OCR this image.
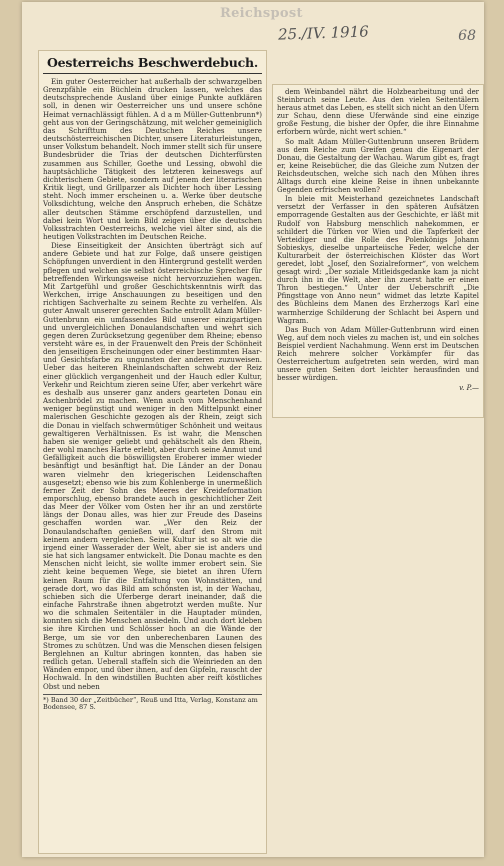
Reichspost
25./IV. 1916	68
Oesterreichs Beschwerdebuch.

Ein guter Oesterreicher hat außerhalb der schwarzgelben Grenzpfähle ein Büchlein drucken lassen, welches das deutschsprechende Ausland über einige Punkte aufklären soll, in denen wir Oesterreicher uns und unsere schöne Heimat vernachlässigt fühlen. A d a m Müller-Guttenbrunn*) geht aus von der Geringschätzung, mit welcher gemeiniglich das Schrifttum des Deutschen Reiches unsere deutschösterreichischen Dichter, unsere Literaturleistungen, unser Volkstum behandelt. Noch immer stellt sich für unsere Bundesbrüder die Trias der deutschen Dichterfürsten zusammen aus Schiller, Goethe und Lessing, obwohl die hauptsächliche Tätigkeit des letzteren keineswegs auf dichterischem Gebiete, sondern auf jenem der literarischen Kritik liegt, und Grillparzer als Dichter hoch über Lessing steht. Noch immer erscheinen u. a. Werke über deutsche Volksdichtung, welche den Anspruch erheben, die Schätze aller deutschen Stämme erschöpfend darzustellen, und dabei kein Wort und kein Bild zeigen über die deutschen Volksstrachten Oesterreichs, welche viel älter sind, als die heutigen Volkstrachten im Deutschen Reiche.

Diese Einseitigkeit der Ansichten überträgt sich auf andere Gebiete und hat zur Folge, daß unsere geistigen Schöpfungen unverdient in den Hintergrund gestellt werden pflegen und welchen sie selbst österreichische Sprecher für betreffenden Wirkungsweise nicht hervorzuziehen wagen. Mit Zartgefühl und großer Geschichtskenntnis wirft das Werkchen, irrige Anschauungen zu beseitigen und den richtigen Sachverhalte zu seinem Rechte zu verhelfen. Als guter Anwalt unserer gerechten Sache entrollt Adam Müller-Guttenbrunn ein umfassendes Bild unserer einzigartigen und unvergleichlichen Donaulandschaften und wehrt sich gegen deren Zurücksetzung gegenüber dem Rheine; ebenso versteht wäre es, in der Frauenwelt den Preis der Schönheit den jenseitigen Erscheinungen oder einer bestimmten Haar- und Gesichtsfarbe zu ungunsten der anderen zuzuweisen. Ueber das heiteren Rheinlandschaften schwebt der Reiz einer glücklich vergangenheit und der Hauch edler Kultur, Verkehr und Reichtum zieren seine Ufer, aber verkehrt wäre es deshalb aus unserer ganz anders gearteten Donau ein Aschenbrödel zu machen. Wenn auch vom Menschenhand weniger begünstigt und weniger in den Mittelpunkt einer malerischen Geschichte gezogen als der Rhein, zeigt sich die Donau in vielfach schwermütiger Schönheit und weitaus gewaltigeren Verhältnissen. Es ist wahr, die Menschen haben sie weniger geliebt und gehätschelt als den Rhein, der wohl manches Harte erlebt, aber durch seine Anmut und Gefälligkeit auch die böswilligsten Eroberer immer wieder besänftigt und besänftigt hat. Die Länder an der Donau waren vielmehr den kriegerischen Leidenschaften ausgesetzt; ebenso wie bis zum Kohlenberge in unermeßlich ferner Zeit der Sohn des Meeres der Kreideformation emporschlug, ebenso brandete auch in geschichtlicher Zeit das Meer der Völker vom Osten her ihr an und zerstörte längs der Donau alles, was hier zur Freude des Daseins geschaffen worden war. „Wer den Reiz der Donaulandschaften genießen will, darf den Strom mit keinem andern vergleichen. Seine Kultur ist so alt wie die irgend einer Wasserader der Welt, aber sie ist anders und sie hat sich langsamer entwickelt. Die Donau machte es den Menschen nicht leicht, sie wollte immer erobert sein. Sie zieht keine bequemen Wege, sie bietet an ihren Ufern keinen Raum für die Entfaltung von Wohnstätten, und gerade dort, wo das Bild am schönsten ist, in der Wachau, schieben sich die Uferberge derart ineinander, daß die einfache Fahrstraße ihnen abgetrotzt werden mußte. Nur wo die schmalen Seitentäler in die Hauptader münden, konnten sich die Menschen ansiedeln. Und auch dort kleben sie ihre Kirchen und Schlösser hoch an die Wände der Berge, um sie vor den unberechenbaren Launen des Stromes zu schützen. Und was die Menschen diesen felsigen Berglehnen an Kultur abringen konnten, das haben sie redlich getan. Ueberall staffeln sich die Weinrieden an den Wänden empor, und über ihnen, auf den Gipfeln, rauscht der Hochwald. In den windstillen Buchten aber reift köstliches Obst und neben

*) Band 30 der „Zeitbücher“, Reuß und Itta, Verlag, Konstanz am Bodensee, 87 S.

dem Weinbandel nährt die Holzbearbeitung und der Steinbruch seine Leute. Aus den vielen Seitentälern heraus atmet das Leben, es stellt sich nicht an den Ufern zur Schau, denn diese Uferwände sind eine einzige große Festung, die bisher der Opfer, die ihre Einnahme erforbern würde, nicht wert schien.“

So malt Adam Müller-Guttenbrunn unseren Brüdern aus dem Reiche zum Greifen genau die Eigenart der Donau, die Gestaltung der Wachau. Warum gibt es, fragt er, keine Reisebücher, die das Gleiche zum Nutzen der Reichsdeutschen, welche sich nach den Mühen ihres Alltags durch eine kleine Reise in ihnen unbekannte Gegenden erfrischen wollen?

In bleie mit Meisterhand gezeichnetes Landschaft versetzt der Verfasser in den späteren Aufsätzen emporragende Gestalten aus der Geschichte, er läßt mit Rudolf von Habsburg menschlich nahekommen, er schildert die Türken vor Wien und die Tapferkeit der Verteidiger und die Rolle des Polenkönigs Johann Sobieskys, dieselbe unparteiische Feder, welche der Kulturarbeit der österreichischen Klöster das Wort geredet, lobt „Josef, den Sozialreformer“, von welchem gesagt wird: „Der soziale Mitleidsgedanke kam ja nicht durch ihn in die Welt, aber ihn zuerst hatte er einen Thron bestiegen.“ Unter der Ueberschrift „Die Pfingsttage von Anno neun“ widmet das letzte Kapitel des Büchleins dem Manen des Erzherzogs Karl eine warmherzige Schilderung der Schlacht bei Aspern und Wagram.

Das Buch von Adam Müller-Guttenbrunn wird einen Weg, auf dem noch vieles zu machen ist, und ein solches Beispiel verdient Nachahmung. Wenn erst im Deutschen Reich mehrere solcher Vorkämpfer für das Oesterreichertum aufgetreten sein werden, wird man unsere guten Seiten dort leichter herausfinden und besser würdigen.

v. P.—
